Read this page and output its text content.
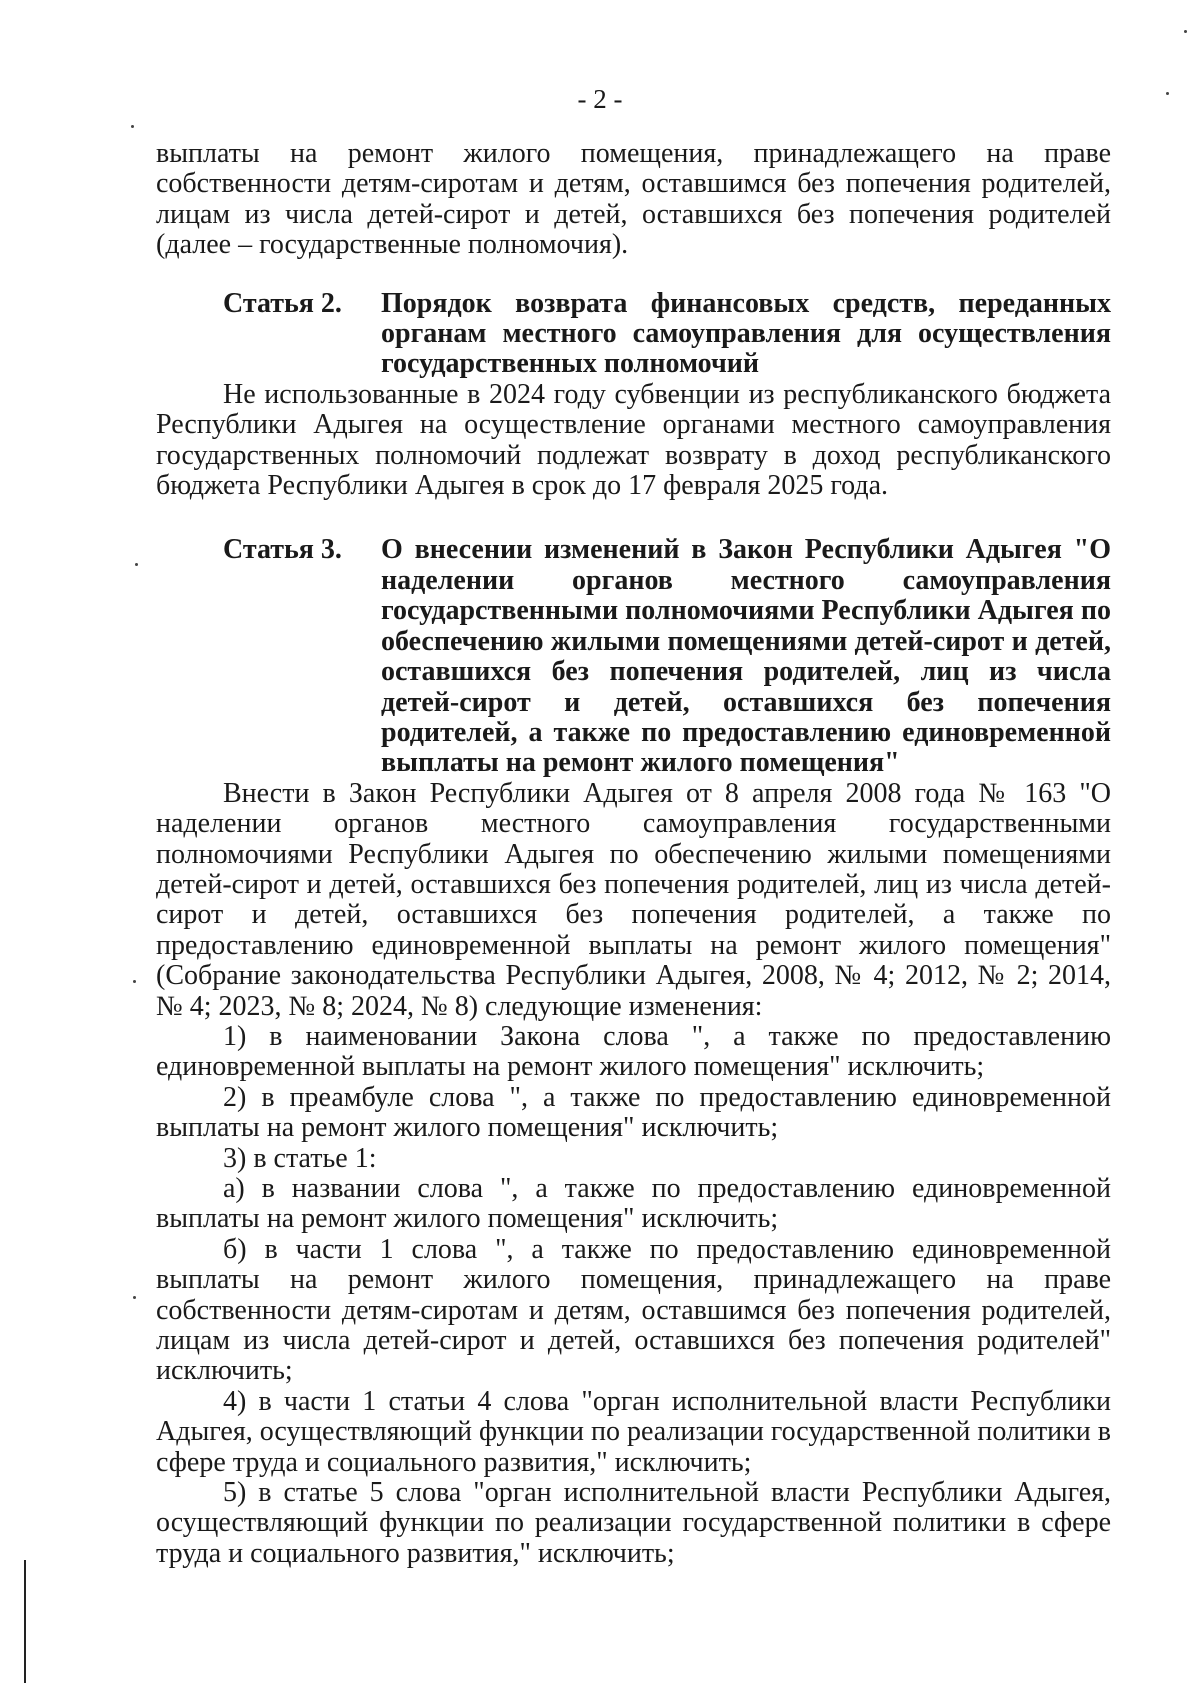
- 2 -

выплаты на ремонт жилого помещения, принадлежащего на праве собственности детям-сиротам и детям, оставшимся без попечения родителей, лицам из числа детей-сирот и детей, оставшихся без попечения родителей (далее – государственные полномочия).

Статья 2.	Порядок возврата финансовых средств, переданных органам местного самоуправления для осуществления государственных полномочий

Не использованные в 2024 году субвенции из республиканского бюджета Республики Адыгея на осуществление органами местного самоуправления государственных полномочий подлежат возврату в доход республиканского бюджета Республики Адыгея в срок до 17 февраля 2025 года.

Статья 3.	О внесении изменений в Закон Республики Адыгея "О наделении органов местного самоуправления государственными полномочиями Республики Адыгея по обеспечению жилыми помещениями детей-сирот и детей, оставшихся без попечения родителей, лиц из числа детей-сирот и детей, оставшихся без попечения родителей, а также по предоставлению единовременной выплаты на ремонт жилого помещения"

Внести в Закон Республики Адыгея от 8 апреля 2008 года № 163 "О наделении органов местного самоуправления государственными полномочиями Республики Адыгея по обеспечению жилыми помещениями детей-сирот и детей, оставшихся без попечения родителей, лиц из числа детей-сирот и детей, оставшихся без попечения родителей, а также по предоставлению единовременной выплаты на ремонт жилого помещения" (Собрание законодательства Республики Адыгея, 2008, № 4; 2012, № 2; 2014, № 4; 2023, № 8; 2024, № 8) следующие изменения:

1) в наименовании Закона слова ", а также по предоставлению единовременной выплаты на ремонт жилого помещения" исключить;

2) в преамбуле слова ", а также по предоставлению единовременной выплаты на ремонт жилого помещения" исключить;

3) в статье 1:

а) в названии слова ", а также по предоставлению единовременной выплаты на ремонт жилого помещения" исключить;

б) в части 1 слова ", а также по предоставлению единовременной выплаты на ремонт жилого помещения, принадлежащего на праве собственности детям-сиротам и детям, оставшимся без попечения родителей, лицам из числа детей-сирот и детей, оставшихся без попечения родителей" исключить;

4) в части 1 статьи 4 слова "орган исполнительной власти Республики Адыгея, осуществляющий функции по реализации государственной политики в сфере труда и социального развития," исключить;

5) в статье 5 слова "орган исполнительной власти Республики Адыгея, осуществляющий функции по реализации государственной политики в сфере труда и социального развития," исключить;
